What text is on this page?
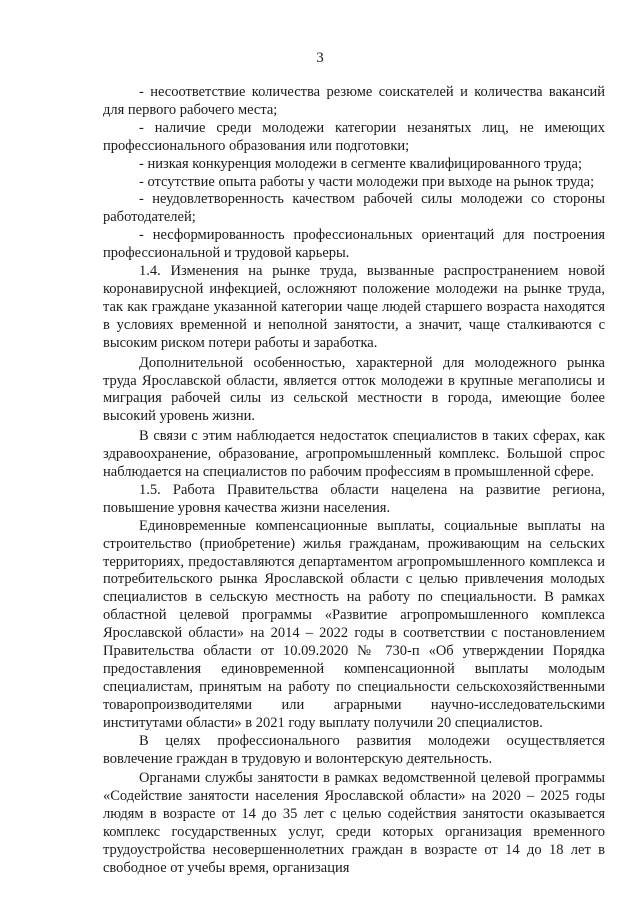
3

- несоответствие количества резюме соискателей и количества вакансий для первого рабочего места;

- наличие среди молодежи категории незанятых лиц, не имеющих профессионального образования или подготовки;

- низкая конкуренция молодежи в сегменте квалифицированного труда;

- отсутствие опыта работы у части молодежи при выходе на рынок труда;

- неудовлетворенность качеством рабочей силы молодежи со стороны работодателей;

- несформированность профессиональных ориентаций для построения профессиональной и трудовой карьеры.

1.4. Изменения на рынке труда, вызванные распространением новой коронавирусной инфекцией, осложняют положение молодежи на рынке труда, так как граждане указанной категории чаще людей старшего возраста находятся в условиях временной и неполной занятости, а значит, чаще сталкиваются с высоким риском потери работы и заработка.

Дополнительной особенностью, характерной для молодежного рынка труда Ярославской области, является отток молодежи в крупные мегаполисы и миграция рабочей силы из сельской местности в города, имеющие более высокий уровень жизни.

В связи с этим наблюдается недостаток специалистов в таких сферах, как здравоохранение, образование, агропромышленный комплекс. Большой спрос наблюдается на специалистов по рабочим профессиям в промышленной сфере.

1.5. Работа Правительства области нацелена на развитие региона, повышение уровня качества жизни населения.

Единовременные компенсационные выплаты, социальные выплаты на строительство (приобретение) жилья гражданам, проживающим на сельских территориях, предоставляются департаментом агропромышленного комплекса и потребительского рынка Ярославской области с целью привлечения молодых специалистов в сельскую местность на работу по специальности. В рамках областной целевой программы «Развитие агропромышленного комплекса Ярославской области» на 2014 – 2022 годы в соответствии с постановлением Правительства области от 10.09.2020 № 730-п «Об утверждении Порядка предоставления единовременной компенсационной выплаты молодым специалистам, принятым на работу по специальности сельскохозяйственными товаропроизводителями или аграрными научно-исследовательскими институтами области» в 2021 году выплату получили 20 специалистов.

В целях профессионального развития молодежи осуществляется вовлечение граждан в трудовую и волонтерскую деятельность.

Органами службы занятости в рамках ведомственной целевой программы «Содействие занятости населения Ярославской области» на 2020 – 2025 годы людям в возрасте от 14 до 35 лет с целью содействия занятости оказывается комплекс государственных услуг, среди которых организация временного трудоустройства несовершеннолетних граждан в возрасте от 14 до 18 лет в свободное от учебы время, организация
